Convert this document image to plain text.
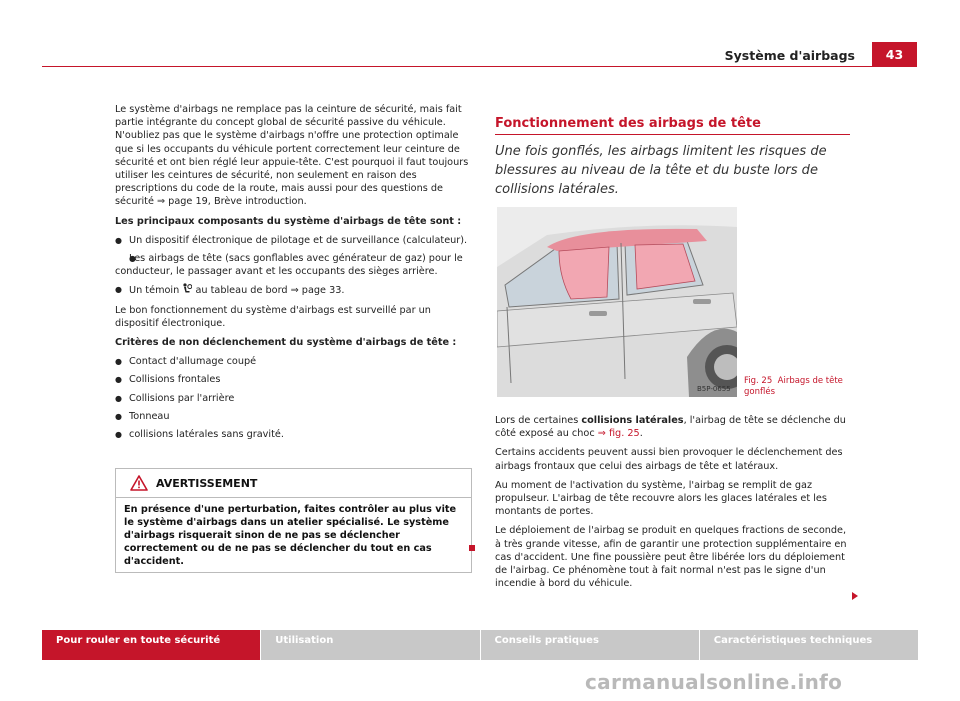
Système d'airbags	43

Le système d'airbags ne remplace pas la ceinture de sécurité, mais fait partie intégrante du concept global de sécurité passive du véhicule. N'oubliez pas que le système d'airbags n'offre une protection optimale que si les occupants du véhicule portent correctement leur ceinture de sécurité et ont bien réglé leur appuie-tête. C'est pourquoi il faut toujours utiliser les ceintures de sécurité, non seulement en raison des prescriptions du code de la route, mais aussi pour des questions de sécurité ⇒ page 19, Brève introduction.

Les principaux composants du système d'airbags de tête sont :

● Un dispositif électronique de pilotage et de surveillance (calculateur).
● Les airbags de tête (sacs gonflables avec générateur de gaz) pour le conducteur, le passager avant et les occupants des sièges arrière.
● Un témoin au tableau de bord ⇒ page 33.

Le bon fonctionnement du système d'airbags est surveillé par un dispositif électronique.

Critères de non déclenchement du système d'airbags de tête :

● Contact d'allumage coupé
● Collisions frontales
● Collisions par l'arrière
● Tonneau
● collisions latérales sans gravité.
AVERTISSEMENT
En présence d'une perturbation, faites contrôler au plus vite le système d'airbags dans un atelier spécialisé. Le système d'airbags risquerait sinon de ne pas se déclencher correctement ou de ne pas se déclencher du tout en cas d'accident.
Fonctionnement des airbags de tête
Une fois gonflés, les airbags limitent les risques de blessures au niveau de la tête et du buste lors de collisions latérales.
B5P-0655
Fig. 25 Airbags de tête gonflés

Lors de certaines collisions latérales, l'airbag de tête se déclenche du côté exposé au choc ⇒ fig. 25.

Certains accidents peuvent aussi bien provoquer le déclenchement des airbags frontaux que celui des airbags de tête et latéraux.

Au moment de l'activation du système, l'airbag se remplit de gaz propulseur. L'airbag de tête recouvre alors les glaces latérales et les montants de portes.

Le déploiement de l'airbag se produit en quelques fractions de seconde, à très grande vitesse, afin de garantir une protection supplémentaire en cas d'accident. Une fine poussière peut être libérée lors du déploiement de l'airbag. Ce phénomène tout à fait normal n'est pas le signe d'un incendie à bord du véhicule.

Pour rouler en toute sécurité	Utilisation	Conseils pratiques	Caractéristiques techniques
carmanualsonline.info
